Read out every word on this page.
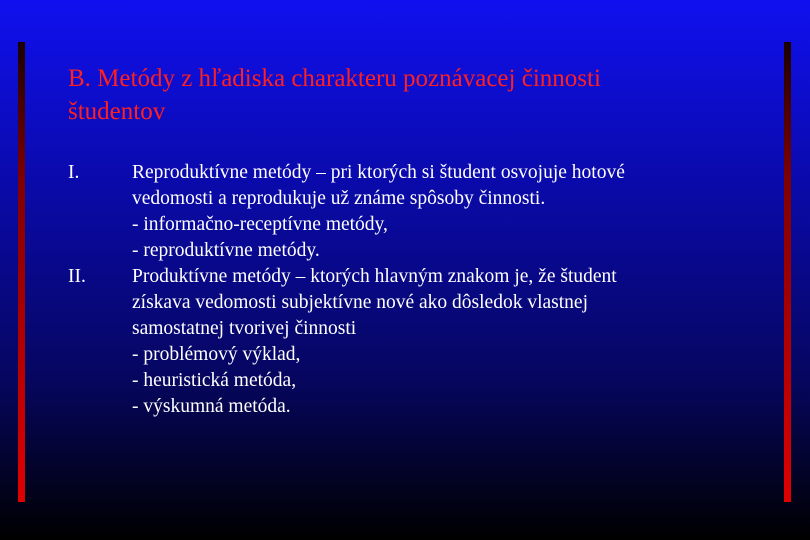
B. Metódy z hľadiska charakteru poznávacej činnosti
študentov
I.	Reproduktívne metódy – pri ktorých si študent osvojuje hotové
vedomosti a reprodukuje už známe spôsoby činnosti.
- informačno-receptívne metódy,
- reproduktívne metódy.
II. Produktívne metódy – ktorých hlavným znakom je, že študent
získava vedomosti subjektívne nové ako dôsledok vlastnej
samostatnej tvorivej činnosti
- problémový výklad,
- heuristická metóda,
- výskumná metóda.
